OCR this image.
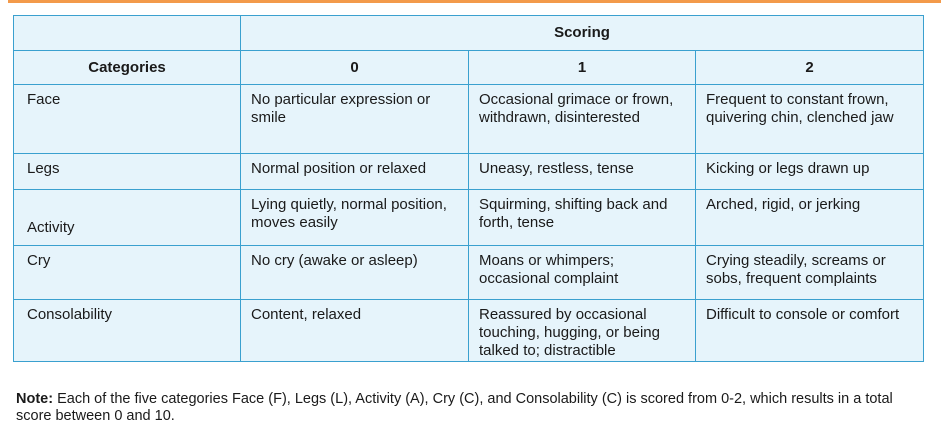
	Scoring		
Categories	0	1	2

Face	No particular expression or smile	Occasional grimace or frown, withdrawn, disinterested	Frequent to constant frown, quivering chin, clenched jaw

Legs	Normal position or relaxed	Uneasy, restless, tense	Kicking or legs drawn up

Activity	Lying quietly, normal position, moves easily	Squirming, shifting back and forth, tense	Arched, rigid, or jerking

Cry	No cry (awake or asleep)	Moans or whimpers; occasional complaint	Crying steadily, screams or sobs, frequent complaints

Consolability	Content, relaxed	Reassured by occasional touching, hugging, or being talked to; distractible	Difficult to console or comfort
Note: Each of the five categories Face (F), Legs (L), Activity (A), Cry (C), and Consolability (C) is scored from 0-2, which results in a total score between 0 and 10.
